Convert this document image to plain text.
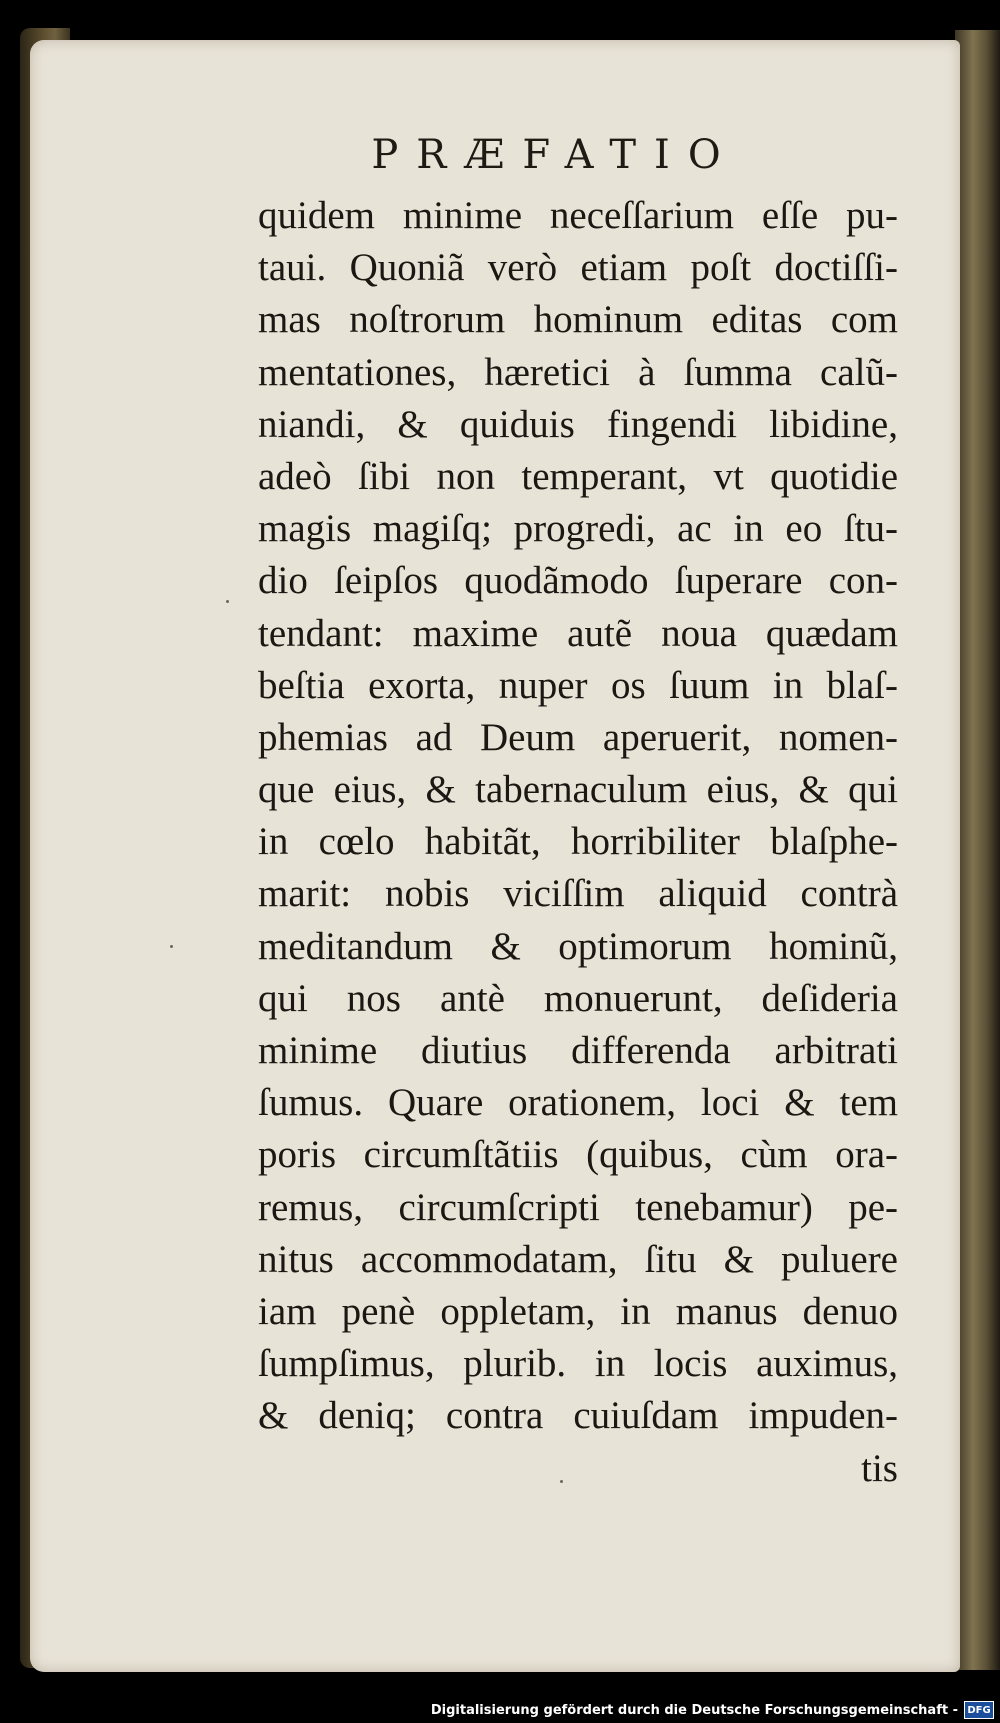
PRÆFATIO
quidem minime neceſſarium eſſe pu-
taui. Quoniã verò etiam poſt doctiſſi-
mas noſtrorum hominum editas com
mentationes, hæretici à ſumma calũ-
niandi, & quiduis fingendi libidine,
adeò ſibi non temperant, vt quotidie
magis magiſq; progredi, ac in eo ſtu-
dio ſeipſos quodãmodo ſuperare con-
tendant: maxime autẽ noua quædam
beſtia exorta, nuper os ſuum in blaſ-
phemias ad Deum aperuerit, nomen-
que eius, & tabernaculum eius, & qui
in cœlo habitãt, horribiliter blaſphe-
marit: nobis viciſſim aliquid contrà
meditandum & optimorum hominũ,
qui nos antè monuerunt, deſideria
minime diutius differenda arbitrati
ſumus. Quare orationem, loci & tem
poris circumſtãtiis (quibus, cùm ora-
remus, circumſcripti tenebamur) pe-
nitus accommodatam, ſitu & puluere
iam penè oppletam, in manus denuo
ſumpſimus, plurib. in locis auximus,
& deniq; contra cuiuſdam impuden-
tis
Digitalisierung gefördert durch die Deutsche Forschungsgemeinschaft - DFG
